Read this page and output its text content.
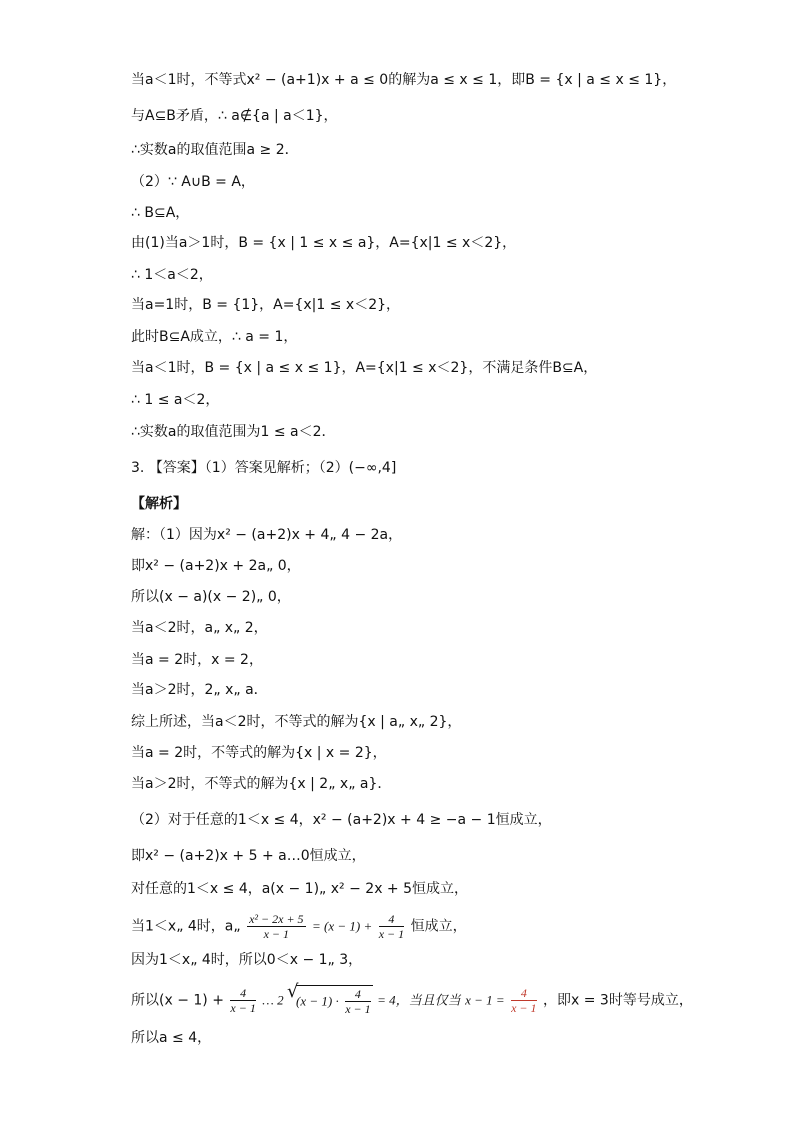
当1＜x„ 4时，a„ $\frac{\text{x² − 2x + 5}}{x - 1} = (x - 1) + \frac{4}{x - 1}$ 恒成立，
所以$(x - 1) + \frac{4}{x - 1}$ … 2 √ $(x - 1) \cdot \frac{4}{x - 1} = 4$，当且仅当 $x - 1 = \frac{4}{x - 1}$ ，即x = 3时等号成立，
当a＜1时，不等式x² − (a+1)x + a ≤ 0的解为a ≤ x ≤ 1，即B = {x | a ≤ x ≤ 1}，
与A⊆B矛盾，∴ a∉{a | a＜1}，
∴实数a的取值范围a ≥ 2．
（2）∵ A∪B = A，
∴ B⊆A，
由(1)当a＞1时，B = {x | 1 ≤ x ≤ a}，A={x|1 ≤ x＜2}，
∴ 1＜a＜2，
当a=1时，B = {1}，A={x|1 ≤ x＜2}，
此时B⊆A成立，∴ a = 1，
当a＜1时，B = {x | a ≤ x ≤ 1}，A={x|1 ≤ x＜2}，不满足条件B⊆A，
∴ 1 ≤ a＜2，
∴实数a的取值范围为1 ≤ a＜2．
3. 【答案】（1）答案见解析；（2）(−∞,4]
【解析】
解：（1）因为x² − (a+2)x + 4„ 4 − 2a，
即x² − (a+2)x + 2a„ 0，
所以(x − a)(x − 2)„ 0，
当a＜2时，a„ x„ 2，
当a = 2时，x = 2，
当a＞2时，2„ x„ a．
综上所述，当a＜2时，不等式的解为{x | a„ x„ 2}，
当a = 2时，不等式的解为{x | x = 2}，
当a＞2时，不等式的解为{x | 2„ x„ a}．
（2）对于任意的1＜x ≤ 4，x² − (a+2)x + 4 ≥ −a − 1恒成立，
即x² − (a+2)x + 5 + a…0恒成立，
对任意的1＜x ≤ 4，a(x − 1)„ x² − 2x + 5恒成立，
因为1＜x„ 4时，所以0＜x − 1„ 3，
所以a ≤ 4，
